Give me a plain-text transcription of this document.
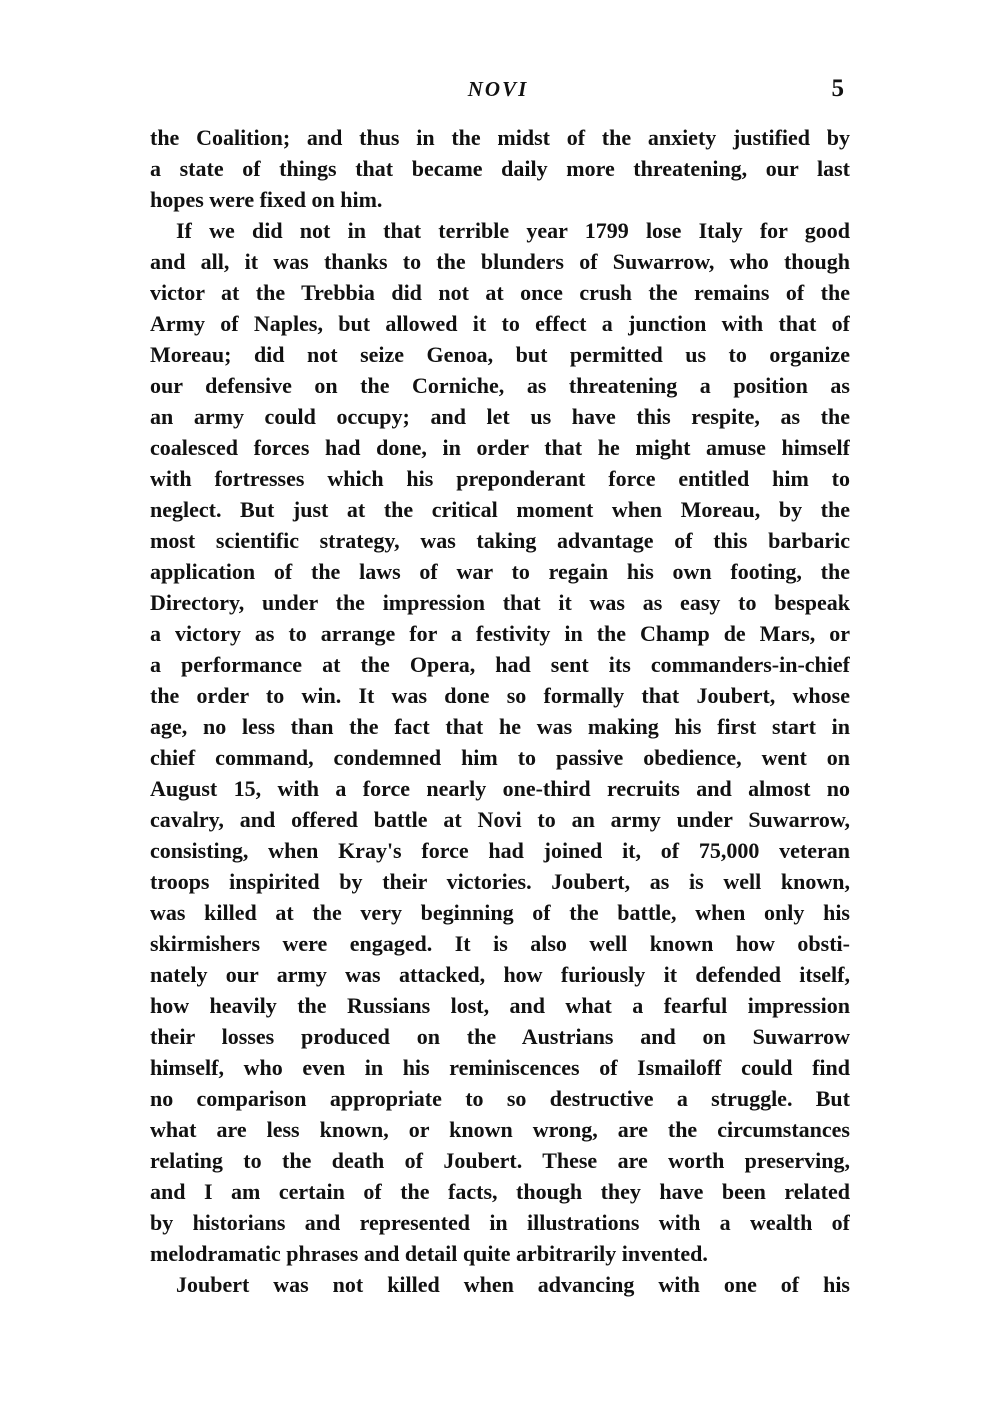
NOVI	5
the Coalition; and thus in the midst of the anxiety justified by
a state of things that became daily more threatening, our last
hopes were fixed on him.
If we did not in that terrible year 1799 lose Italy for good
and all, it was thanks to the blunders of Suwarrow, who though
victor at the Trebbia did not at once crush the remains of the
Army of Naples, but allowed it to effect a junction with that of
Moreau; did not seize Genoa, but permitted us to organize
our defensive on the Corniche, as threatening a position as
an army could occupy; and let us have this respite, as the
coalesced forces had done, in order that he might amuse himself
with fortresses which his preponderant force entitled him to
neglect. But just at the critical moment when Moreau, by the
most scientific strategy, was taking advantage of this barbaric
application of the laws of war to regain his own footing, the
Directory, under the impression that it was as easy to bespeak
a victory as to arrange for a festivity in the Champ de Mars, or
a performance at the Opera, had sent its commanders-in-chief
the order to win. It was done so formally that Joubert, whose
age, no less than the fact that he was making his first start in
chief command, condemned him to passive obedience, went on
August 15, with a force nearly one-third recruits and almost no
cavalry, and offered battle at Novi to an army under Suwarrow,
consisting, when Kray's force had joined it, of 75,000 veteran
troops inspirited by their victories. Joubert, as is well known,
was killed at the very beginning of the battle, when only his
skirmishers were engaged. It is also well known how obsti-
nately our army was attacked, how furiously it defended itself,
how heavily the Russians lost, and what a fearful impression
their losses produced on the Austrians and on Suwarrow
himself, who even in his reminiscences of Ismailoff could find
no comparison appropriate to so destructive a struggle. But
what are less known, or known wrong, are the circumstances
relating to the death of Joubert. These are worth preserving,
and I am certain of the facts, though they have been related
by historians and represented in illustrations with a wealth of
melodramatic phrases and detail quite arbitrarily invented.
Joubert was not killed when advancing with one of his
